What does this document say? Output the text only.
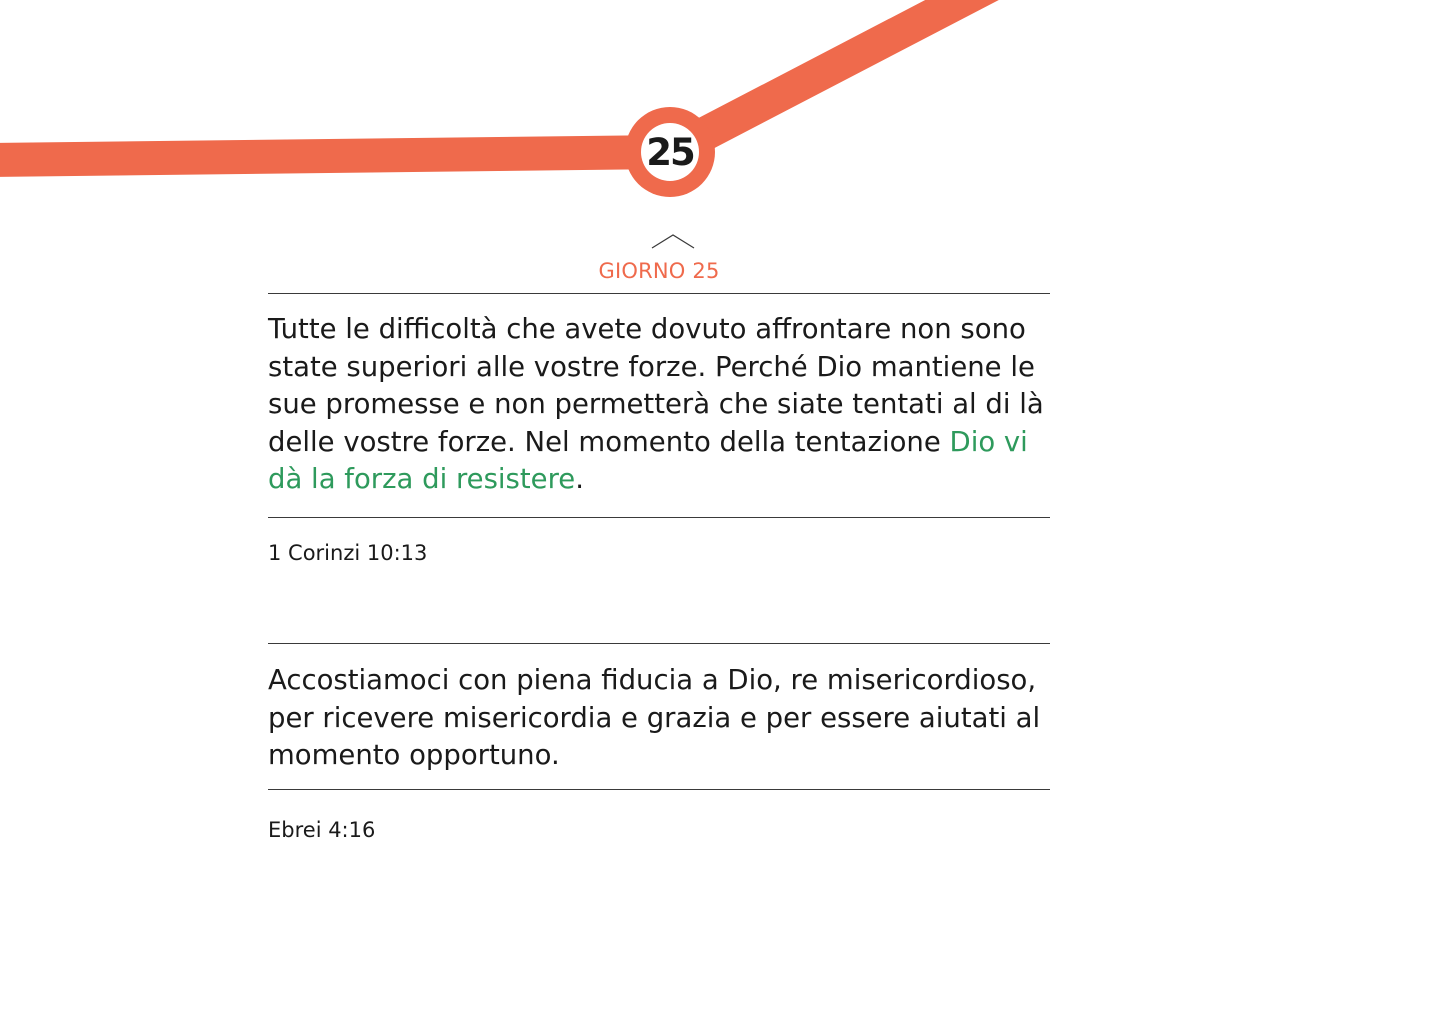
25
GIORNO 25
Tutte le difficoltà che avete dovuto affrontare non sono state superiori alle vostre forze. Perché Dio mantiene le sue promesse e non permetterà che siate tentati al di là delle vostre forze. Nel momento della tentazione Dio vi dà la forza di resistere.
1 Corinzi 10:13
Accostiamoci con piena fiducia a Dio, re misericordioso, per ricevere misericordia e grazia e per essere aiutati al momento opportuno.
Ebrei 4:16
